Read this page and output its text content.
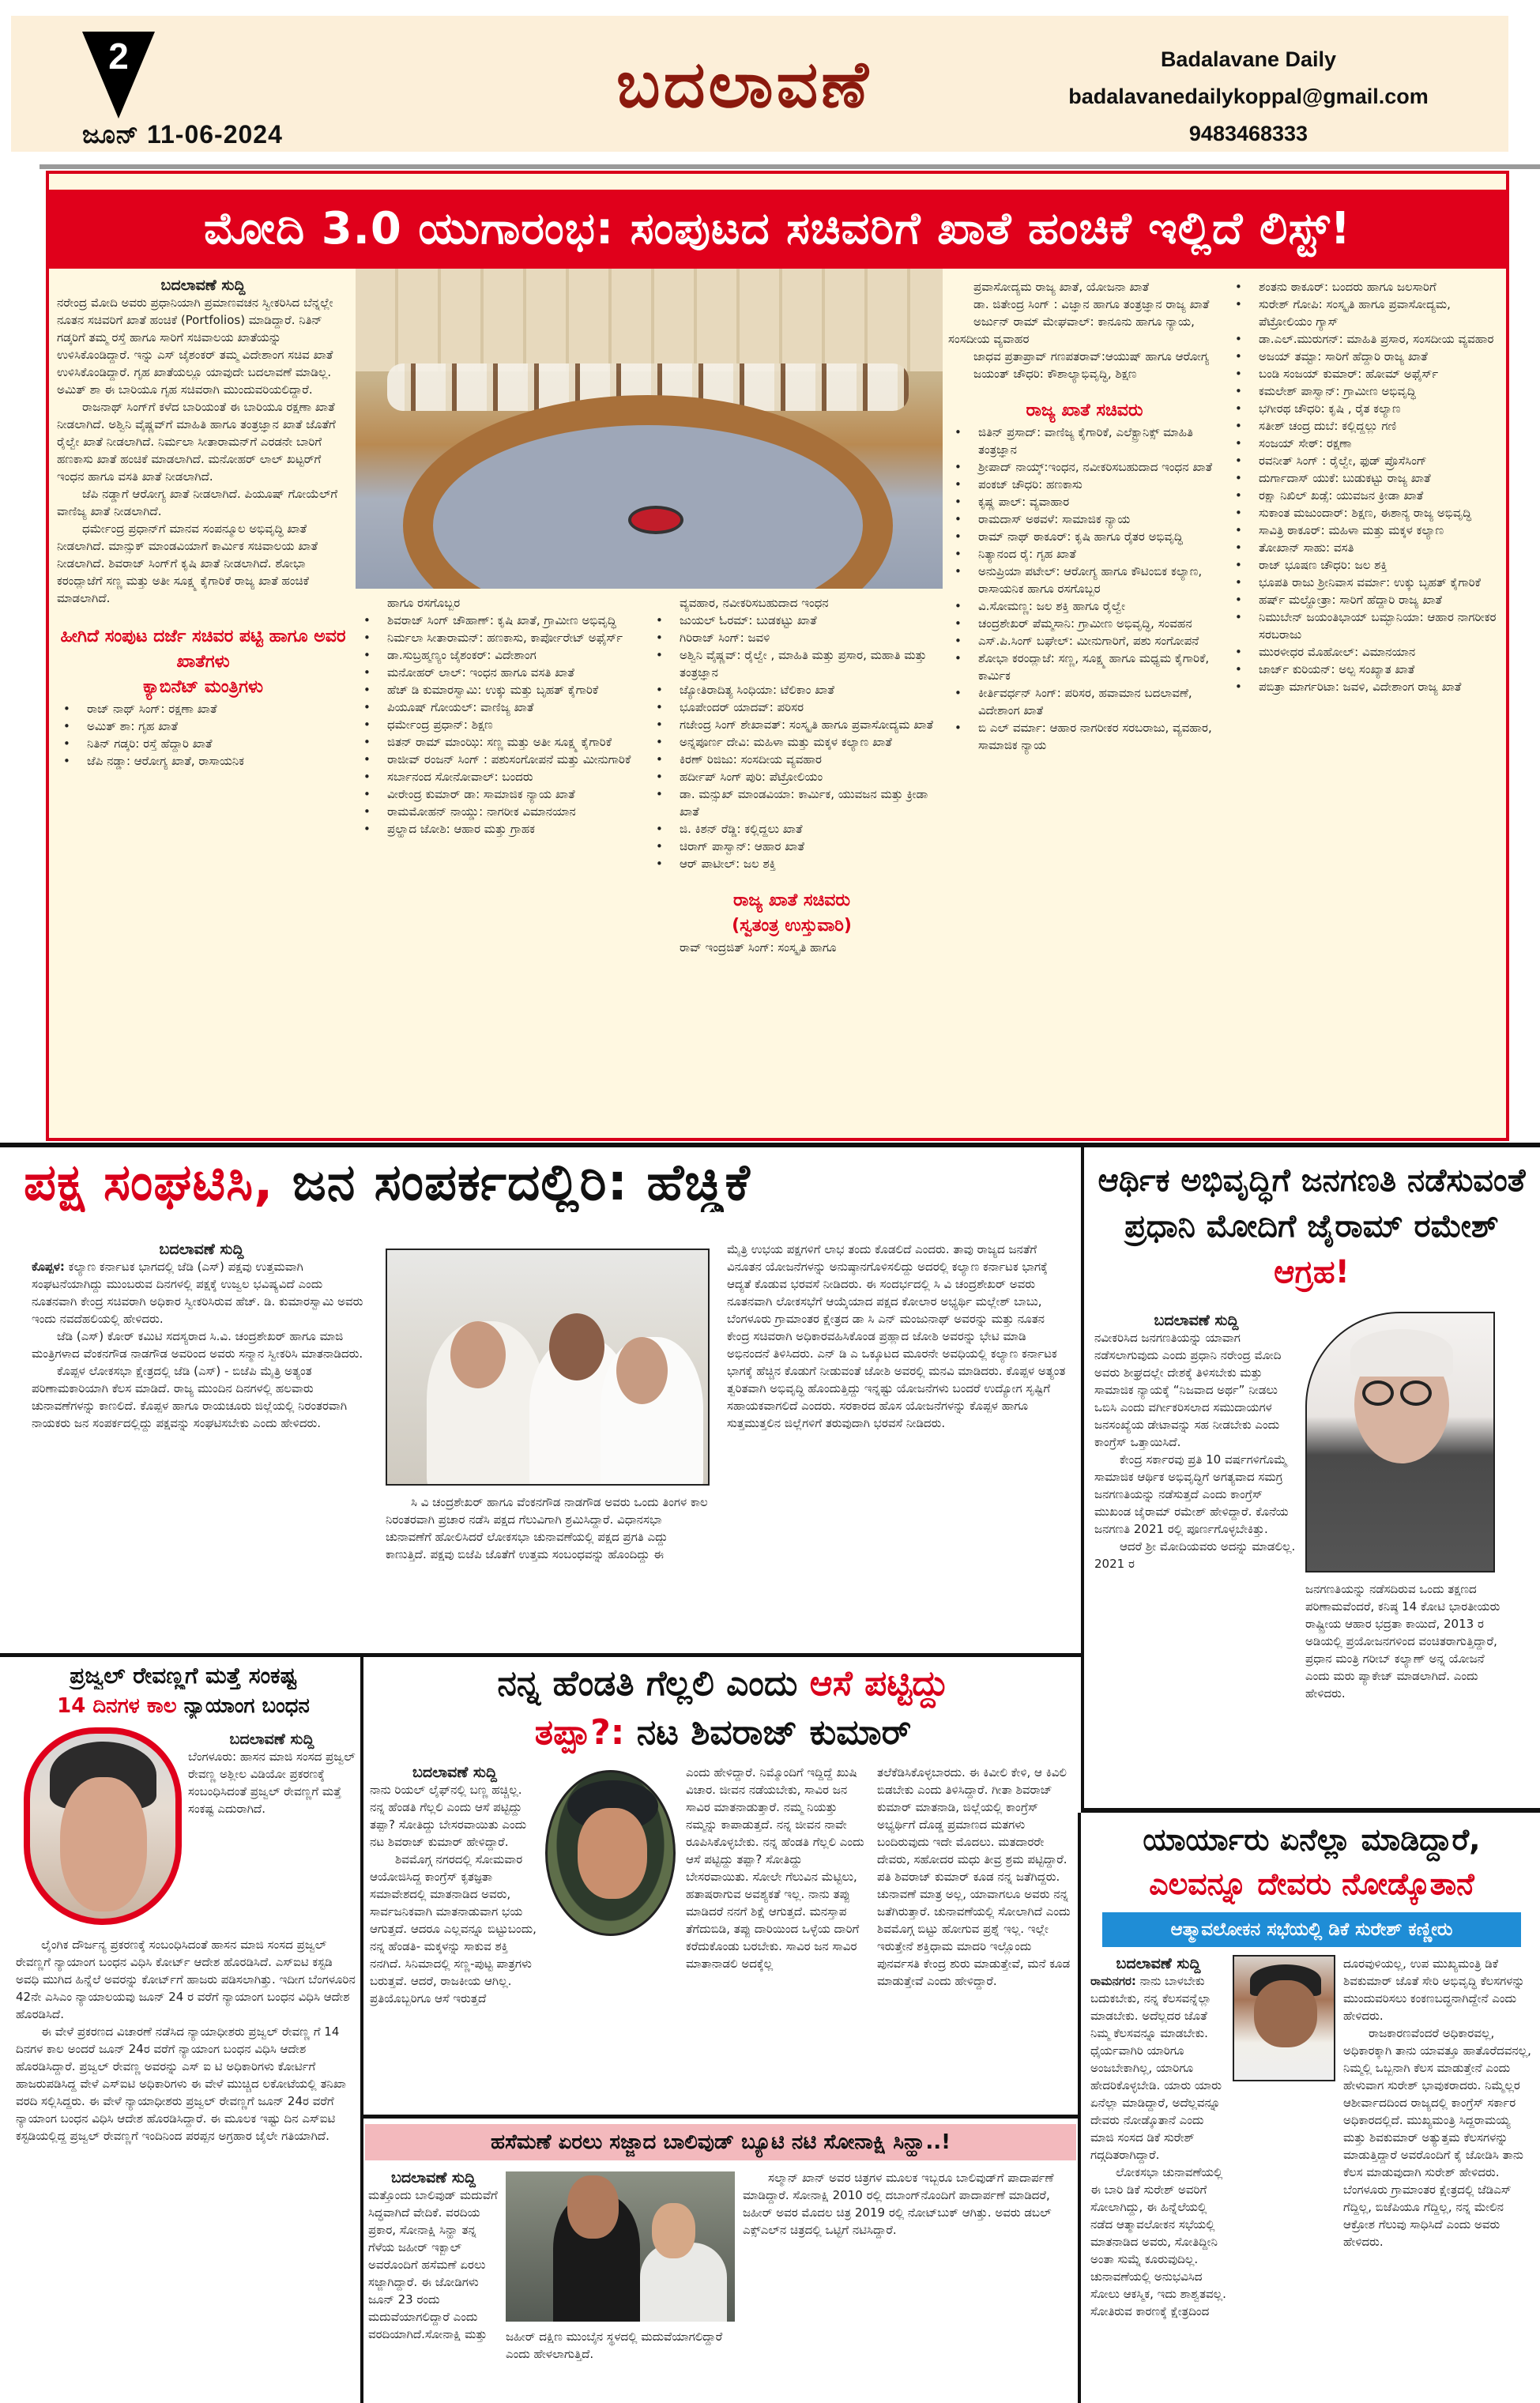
2
ಜೂನ್ 11-06-2024
ಬದಲಾವಣೆ	Badalavane Daily
badalavanedailykoppal@gmail.com
9483468333
ಮೋದಿ 3.0 ಯುಗಾರಂಭ: ಸಂಪುಟದ ಸಚಿವರಿಗೆ ಖಾತೆ ಹಂಚಿಕೆ ಇಲ್ಲಿದೆ ಲಿಸ್ಟ್!
ಬದಲಾವಣೆ ಸುದ್ದಿ

ನರೇಂದ್ರ ಮೋದಿ ಅವರು ಪ್ರಧಾನಿಯಾಗಿ ಪ್ರಮಾಣವಚನ ಸ್ವೀಕರಿಸಿದ ಬೆನ್ನಲ್ಲೇ ನೂತನ ಸಚಿವರಿಗೆ ಖಾತೆ ಹಂಚಿಕೆ (Portfolios) ಮಾಡಿದ್ದಾರೆ. ನಿತಿನ್ ಗಡ್ಕರಿಗೆ ತಮ್ಮ ರಸ್ತೆ ಹಾಗೂ ಸಾರಿಗೆ ಸಚಿವಾಲಯ ಖಾತೆಯನ್ನು ಉಳಿಸಿಕೊಂಡಿದ್ದಾರೆ. ಇನ್ನು ಎಸ್ ಜೈಶಂಕರ್ ತಮ್ಮ ವಿದೇಶಾಂಗ ಸಚಿವ ಖಾತೆ ಉಳಿಸಿಕೊಂಡಿದ್ದಾರೆ. ಗೃಹ ಖಾತೆಯಲ್ಲೂ ಯಾವುದೇ ಬದಲಾವಣೆ ಮಾಡಿಲ್ಲ. ಅಮಿತ್ ಶಾ ಈ ಬಾರಿಯೂ ಗೃಹ ಸಚಿವರಾಗಿ ಮುಂದುವರಿಯಲಿದ್ದಾರೆ.

ರಾಜನಾಥ್ ಸಿಂಗ್‌ಗೆ ಕಳೆದ ಬಾರಿಯಂತೆ ಈ ಬಾರಿಯೂ ರಕ್ಷಣಾ ಖಾತೆ ನೀಡಲಾಗಿದೆ. ಅಶ್ವಿನಿ ವೈಷ್ಣವ್‌ಗೆ ಮಾಹಿತಿ ಹಾಗೂ ತಂತ್ರಜ್ಞಾನ ಖಾತೆ ಜೊತೆಗೆ ರೈಲ್ವೇ ಖಾತೆ ನೀಡಲಾಗಿದೆ. ನಿರ್ಮಲಾ ಸೀತಾರಾಮನ್‌ಗೆ ಎರಡನೇ ಬಾರಿಗೆ ಹಣಕಾಸು ಖಾತೆ ಹಂಚಿಕೆ ಮಾಡಲಾಗಿದೆ. ಮನೋಹರ್ ಲಾಲ್ ಖಟ್ಟರ್‌ಗೆ ಇಂಧನ ಹಾಗೂ ವಸತಿ ಖಾತೆ ನೀಡಲಾಗಿದೆ.

ಜೆಪಿ ನಡ್ಡಾಗೆ ಆರೋಗ್ಯ ಖಾತೆ ನೀಡಲಾಗಿದೆ. ಪಿಯೂಷ್ ಗೋಯೆಲ್‌ಗೆ ವಾಣಿಜ್ಯ ಖಾತೆ ನೀಡಲಾಗಿದೆ.

ಧರ್ಮೇಂದ್ರ ಪ್ರಧಾನ್‌ಗೆ ಮಾನವ ಸಂಪನ್ಮೂಲ ಅಭಿವೃದ್ಧಿ ಖಾತೆ ನೀಡಲಾಗಿದೆ. ಮಾನ್ಸುಕ್ ಮಾಂಡವಿಯಾಗೆ ಕಾರ್ಮಿಕ ಸಚಿವಾಲಯ ಖಾತೆ ನೀಡಲಾಗಿದೆ. ಶಿವರಾಜ್ ಸಿಂಗ್‌ಗೆ ಕೃಷಿ ಖಾತೆ ನೀಡಲಾಗಿದೆ. ಶೋಭಾ ಕರಂದ್ಲಾಜೆಗೆ ಸಣ್ಣ ಮತ್ತು ಅತೀ ಸೂಕ್ಷ್ಮ ಕೈಗಾರಿಕೆ ರಾಜ್ಯ ಖಾತೆ ಹಂಚಿಕೆ ಮಾಡಲಾಗಿದೆ.

ಹೀಗಿದೆ ಸಂಪುಟ ದರ್ಜೆ ಸಚಿವರ ಪಟ್ಟಿ ಹಾಗೂ ಅವರ ಖಾತೆಗಳು
ಕ್ಯಾಬಿನೆಟ್ ಮಂತ್ರಿಗಳು
• ರಾಜ್ ನಾಥ್ ಸಿಂಗ್: ರಕ್ಷಣಾ ಖಾತೆ
• ಅಮಿತ್ ಶಾ: ಗೃಹ ಖಾತೆ
• ನಿತಿನ್ ಗಡ್ಕರಿ: ರಸ್ತೆ ಹೆದ್ದಾರಿ ಖಾತೆ
• ಜೆಪಿ ನಡ್ಡಾ: ಆರೋಗ್ಯ ಖಾತೆ, ರಾಸಾಯನಿಕ
ಹಾಗೂ ರಸಗೊಬ್ಬರ
• ಶಿವರಾಜ್ ಸಿಂಗ್ ಚೌಹಾಣ್: ಕೃಷಿ ಖಾತೆ, ಗ್ರಾಮೀಣ ಅಭಿವೃದ್ಧಿ
• ನಿರ್ಮಲಾ ಸೀತಾರಾಮನ್: ಹಣಕಾಸು, ಕಾರ್ಪೋರೇಟ್ ಅಫೈರ್ಸ್
• ಡಾ.ಸುಬ್ರಹ್ಮಣ್ಯಂ ಜೈಶಂಕರ್: ವಿದೇಶಾಂಗ
• ಮನೋಹರ್ ಲಾಲ್: ಇಂಧನ ಹಾಗೂ ವಸತಿ ಖಾತೆ
• ಹೆಚ್ ಡಿ ಕುಮಾರಸ್ವಾಮಿ: ಉಕ್ಕು ಮತ್ತು ಬೃಹತ್ ಕೈಗಾರಿಕೆ
• ಪಿಯೂಷ್ ಗೋಯಲ್: ವಾಣಿಜ್ಯ ಖಾತೆ
• ಧರ್ಮೇಂದ್ರ ಪ್ರಧಾನ್: ಶಿಕ್ಷಣ
• ಜಿತನ್ ರಾಮ್ ಮಾಂಝಿ: ಸಣ್ಣ ಮತ್ತು ಅತೀ ಸೂಕ್ಷ್ಮ ಕೈಗಾರಿಕೆ
• ರಾಜೀವ್ ರಂಜನ್ ಸಿಂಗ್ : ಪಶುಸಂಗೋಪನೆ ಮತ್ತು ಮೀನುಗಾರಿಕೆ
• ಸರ್ಬಾನಂದ ಸೋನೋವಾಲ್: ಬಂದರು
• ವೀರೇಂದ್ರ ಕುಮಾರ್ ಡಾ: ಸಾಮಾಜಿಕ ನ್ಯಾಯ ಖಾತೆ
• ರಾಮಮೋಹನ್ ನಾಯ್ಡು: ನಾಗರೀಕ ವಿಮಾನಯಾನ
• ಪ್ರಲ್ಹಾದ ಜೋಶಿ: ಆಹಾರ ಮತ್ತು ಗ್ರಾಹಕ
ವ್ಯವಹಾರ, ನವೀಕರಿಸಬಹುದಾದ ಇಂಧನ
• ಜುಯಲ್ ಓರಮ್: ಬುಡಕಟ್ಟು ಖಾತೆ
• ಗಿರಿರಾಜ್ ಸಿಂಗ್: ಜವಳಿ
• ಅಶ್ವಿನಿ ವೈಷ್ಣವ್: ರೈಲ್ವೇ , ಮಾಹಿತಿ ಮತ್ತು ಪ್ರಸಾರ, ಮಹಾತಿ ಮತ್ತು ತಂತ್ರಜ್ಞಾನ
• ಜ್ಯೋತಿರಾದಿತ್ಯ ಸಿಂಧಿಯಾ: ಟೆಲಿಕಾಂ ಖಾತೆ
• ಭೂಪೇಂದರ್ ಯಾದವ್: ಪರಿಸರ
• ಗಜೇಂದ್ರ ಸಿಂಗ್ ಶೇಖಾವತ್: ಸಂಸ್ಕೃತಿ ಹಾಗೂ ಪ್ರವಾಸೋದ್ಯಮ ಖಾತೆ
• ಅನ್ನಪೂರ್ಣ ದೇವಿ: ಮಹಿಳಾ ಮತ್ತು ಮಕ್ಕಳ ಕಲ್ಯಾಣ ಖಾತೆ
• ಕಿರಣ್ ರಿಜಿಜು: ಸಂಸದೀಯ ವ್ಯವಹಾರ
• ಹರ್ದೀಪ್ ಸಿಂಗ್ ಪುರಿ: ಪೆಟ್ರೋಲಿಯಂ
• ಡಾ. ಮನ್ಸುಖ್ ಮಾಂಡವಿಯಾ: ಕಾರ್ಮಿಕ, ಯುವಜನ ಮತ್ತು ಕ್ರೀಡಾ ಖಾತೆ
• ಜಿ. ಕಿಶನ್ ರೆಡ್ಡಿ: ಕಲ್ಲಿದ್ದಲು ಖಾತೆ
• ಚಿರಾಗ್ ಪಾಸ್ವಾನ್: ಆಹಾರ ಖಾತೆ
• ಆರ್ ಪಾಟೀಲ್: ಜಲ ಶಕ್ತಿ
ರಾಜ್ಯ ಖಾತೆ ಸಚಿವರು
(ಸ್ವತಂತ್ರ ಉಸ್ತುವಾರಿ)
ರಾವ್ ಇಂದ್ರಜಿತ್ ಸಿಂಗ್: ಸಂಸ್ಕೃತಿ ಹಾಗೂ
ಪ್ರವಾಸೋದ್ಯಮ ರಾಜ್ಯ ಖಾತೆ, ಯೋಜನಾ ಖಾತೆ
ಡಾ. ಜಿತೇಂದ್ರ ಸಿಂಗ್ : ವಿಜ್ಞಾನ ಹಾಗೂ ತಂತ್ರಜ್ಞಾನ ರಾಜ್ಯ ಖಾತೆ
ಅರ್ಜುನ್ ರಾಮ್ ಮೇಘವಾಲ್: ಕಾನೂನು ಹಾಗೂ ನ್ಯಾಯ, ಸಂಸದೀಯ ವ್ಯವಾಹರ
ಜಾಧವ ಪ್ರತಾಪ್ರಾವ್ ಗಣಪತರಾವ್:ಆಯುಷ್ ಹಾಗೂ ಆರೋಗ್ಯ
ಜಯಂತ್ ಚೌಧರಿ: ಕೌಶಾಲ್ಯಾಭಿವೃದ್ಧಿ, ಶಿಕ್ಷಣ
ರಾಜ್ಯ ಖಾತೆ ಸಚಿವರು
• ಜಿತಿನ್ ಪ್ರಸಾದ್: ವಾಣಿಜ್ಯ ಕೈಗಾರಿಕೆ, ಎಲೆಕ್ಟ್ರಾನಿಕ್ಸ್ ಮಾಹಿತಿ ತಂತ್ರಜ್ಞಾನ
• ಶ್ರೀಪಾದ್ ನಾಯ್ಕ್:ಇಂಧನ, ನವೀಕರಿಸಬಹುದಾದ ಇಂಧನ ಖಾತೆ
• ಪಂಕಜ್ ಚೌಧರಿ: ಹಣಕಾಸು
• ಕೃಷ್ಣ ಪಾಲ್: ವ್ಯವಾಹಾರ
• ರಾಮದಾಸ್ ಅಠವಳೆ: ಸಾಮಾಜಿಕ ನ್ಯಾಯ
• ರಾಮ್ ನಾಥ್ ಠಾಕೂರ್: ಕೃಷಿ ಹಾಗೂ ರೈತರ ಅಭಿವೃದ್ಧಿ
• ನಿತ್ಯಾನಂದ ರೈ: ಗೃಹ ಖಾತೆ
• ಅನುಪ್ರಿಯಾ ಪಟೇಲ್: ಆರೋಗ್ಯ ಹಾಗೂ ಕೌಟಿಂಬಿಕ ಕಲ್ಯಾಣ, ರಾಸಾಯನಿಕ ಹಾಗೂ ರಸಗೊಬ್ಬರ
• ವಿ.ಸೋಮಣ್ಣ: ಜಲ ಶಕ್ತಿ ಹಾಗೂ ರೈಲ್ವೇ
• ಚಂದ್ರಶೇಖರ್ ಪೆಮ್ಮಸಾನಿ: ಗ್ರಾಮೀಣ ಅಭಿವೃದ್ಧಿ, ಸಂವಹನ
• ಎಸ್.ಪಿ.ಸಿಂಗ್ ಬಘೇಲ್: ಮೀನುಗಾರಿಗೆ, ಪಶು ಸಂಗೋಪನೆ
• ಶೋಭಾ ಕರಂದ್ಲಾಜೆ: ಸಣ್ಣ, ಸೂಕ್ಷ್ಮ ಹಾಗೂ ಮಧ್ಯಮ ಕೈಗಾರಿಕೆ, ಕಾರ್ಮಿಕ
• ಕೀರ್ತಿವರ್ಧನ್ ಸಿಂಗ್: ಪರಿಸರ, ಹವಾಮಾನ ಬದಲಾವಣೆ, ವಿದೇಶಾಂಗ ಖಾತೆ
• ಬಿ ಎಲ್ ವರ್ಮಾ: ಆಹಾರ ನಾಗರೀಕರ ಸರಬರಾಜು, ವ್ಯವಹಾರ, ಸಾಮಾಜಿಕ ನ್ಯಾಯ
• ಶಂತನು ಠಾಕೂರ್: ಬಂದರು ಹಾಗೂ ಜಲಸಾರಿಗೆ
• ಸುರೇಶ್ ಗೋಪಿ: ಸಂಸ್ಕೃತಿ ಹಾಗೂ ಪ್ರವಾಸೋದ್ಯಮ, ಪೆಟ್ರೋಲಿಯಂ ಗ್ಯಾಸ್
• ಡಾ.ಎಲ್.ಮುರುಗನ್: ಮಾಹಿತಿ ಪ್ರಸಾರ, ಸಂಸದೀಯ ವ್ಯವಹಾರ
• ಅಜಯ್ ತಮ್ಟಾ: ಸಾರಿಗೆ ಹೆದ್ದಾರಿ ರಾಜ್ಯ ಖಾತೆ
• ಬಂಡಿ ಸಂಜಯ್ ಕುಮಾರ್: ಹೋಮ್ ಅಫೈರ್ಸ್
• ಕಮಲೇಶ್ ಪಾಸ್ವಾನ್: ಗ್ರಾಮೀಣ ಅಭಿವೃದ್ಧಿ
• ಭಗೀರಥ ಚೌಧರಿ: ಕೃಷಿ , ರೈತ ಕಲ್ಯಾಣ
• ಸತೀಶ್ ಚಂದ್ರ ದುಬೆ: ಕಲ್ಲಿದ್ದಲ್ಲು ಗಣಿ
• ಸಂಜಯ್ ಸೇಠ್: ರಕ್ಷಣಾ
• ರವನೀತ್ ಸಿಂಗ್ : ರೈಲ್ವೇ, ಫುಡ್ ಪ್ರೊಸೆಸಿಂಗ್
• ದುರ್ಗಾದಾಸ್ ಯುಕೆ: ಬುಡುಕಟ್ಟು ರಾಜ್ಯ ಖಾತೆ
• ರಕ್ಷಾ ನಿಖಿಲ್ ಖಡ್ಸೆ: ಯುವಜನ ಕ್ರೀಡಾ ಖಾತೆ
• ಸುಕಾಂತ ಮಜುಂದಾರ್: ಶಿಕ್ಷಣ, ಈಶಾನ್ಯ ರಾಜ್ಯ ಅಭಿವೃದ್ಧಿ
• ಸಾವಿತ್ರಿ ಠಾಕೂರ್: ಮಹಿಳಾ ಮತ್ತು ಮಕ್ಕಳ ಕಲ್ಯಾಣ
• ತೋಖಾನ್ ಸಾಹು: ವಸತಿ
• ರಾಜ್ ಭೂಷಣ ಚೌಧರಿ: ಜಲ ಶಕ್ತಿ
• ಭೂಪತಿ ರಾಜು ಶ್ರೀನಿವಾಸ ವರ್ಮಾ: ಉಕ್ಕು ಬೃಹತ್ ಕೈಗಾರಿಕೆ
• ಹರ್ಷ್ ಮಲ್ಹೋತ್ರಾ: ಸಾರಿಗೆ ಹೆದ್ದಾರಿ ರಾಜ್ಯ ಖಾತೆ
• ನಿಮುಬೇನ್ ಜಯಂತಿಭಾಯ್ ಬಮ್ಭಾನಿಯಾ: ಆಹಾರ ನಾಗರೀಕರ ಸರಬರಾಜು
• ಮುರಳೀಧರ ಮೊಹೋಲ್: ವಿಮಾನಯಾನ
• ಜಾರ್ಜ್ ಕುರಿಯನ್: ಅಲ್ಪ ಸಂಖ್ಯಾತ ಖಾತೆ
• ಪಬಿತ್ರಾ ಮಾರ್ಗರಿಟಾ: ಜವಳಿ, ವಿದೇಶಾಂಗ ರಾಜ್ಯ ಖಾತೆ
ಪಕ್ಷ ಸಂಘಟಿಸಿ, ಜನ ಸಂಪರ್ಕದಲ್ಲಿರಿ: ಹೆಚ್ಡಿಕೆ
ಬದಲಾವಣೆ ಸುದ್ದಿ

ಕೊಪ್ಪಳ: ಕಲ್ಯಾಣ ಕರ್ನಾಟಕ ಭಾಗದಲ್ಲಿ ಜೆಡಿ (ಎಸ್) ಪಕ್ಷವು ಉತ್ತಮವಾಗಿ ಸಂಘಟನೆಯಾಗಿದ್ದು ಮುಂಬರುವ ದಿನಗಳಲ್ಲಿ ಪಕ್ಷಕ್ಕೆ ಉಜ್ವಲ ಭವಿಷ್ಯವಿದೆ ಎಂದು ನೂತನವಾಗಿ ಕೇಂದ್ರ ಸಚಿವರಾಗಿ ಅಧಿಕಾರ ಸ್ವೀಕರಿಸಿರುವ ಹೆಚ್. ಡಿ. ಕುಮಾರಸ್ವಾಮಿ ಅವರು ಇಂದು ನವದೆಹಲಿಯಲ್ಲಿ ಹೇಳಿದರು.

ಜೆಡಿ (ಎಸ್) ಕೋರ್ ಕಮಿಟಿ ಸದಸ್ಯರಾದ ಸಿ.ವಿ. ಚಂದ್ರಶೇಖರ್ ಹಾಗೂ ಮಾಜಿ ಮಂತ್ರಿಗಳಾದ ವೆಂಕನಗೌಡ ನಾಡಗೌಡ ಅವರಿಂದ ಅವರು ಸನ್ಮಾನ ಸ್ವೀಕರಿಸಿ ಮಾತನಾಡಿದರು.

ಕೊಪ್ಪಳ ಲೋಕಸಭಾ ಕ್ಷೇತ್ರದಲ್ಲಿ ಜೆಡಿ (ಎಸ್) - ಬಿಜೆಪಿ ಮೈತ್ರಿ ಅತ್ಯಂತ ಪರಿಣಾಮಕಾರಿಯಾಗಿ ಕೆಲಸ ಮಾಡಿದೆ. ರಾಜ್ಯ ಮುಂದಿನ ದಿನಗಳಲ್ಲಿ ಹಲವಾರು ಚುನಾವಣೆಗಳನ್ನು ಕಾಣಲಿದೆ. ಕೊಪ್ಪಳ ಹಾಗೂ ರಾಯಚೂರು ಜಿಲ್ಲೆಯಲ್ಲಿ ನಿರಂತರವಾಗಿ ನಾಯಕರು ಜನ ಸಂಪರ್ಕದಲ್ಲಿದ್ದು ಪಕ್ಷವನ್ನು ಸಂಘಟಿಸಬೇಕು ಎಂದು ಹೇಳಿದರು.

ಸಿ ವಿ ಚಂದ್ರಶೇಖರ್ ಹಾಗೂ ವೆಂಕನಗೌಡ ನಾಡಗೌಡ ಅವರು ಒಂದು ತಿಂಗಳ ಕಾಲ ನಿರಂತರವಾಗಿ ಪ್ರಚಾರ ನಡೆಸಿ ಪಕ್ಷದ ಗೆಲುವಿಗಾಗಿ ಶ್ರಮಿಸಿದ್ದಾರೆ. ವಿಧಾನಸಭಾ ಚುನಾವಣೆಗೆ ಹೋಲಿಸಿದರೆ ಲೋಕಸಭಾ ಚುನಾವಣೆಯಲ್ಲಿ ಪಕ್ಷದ ಪ್ರಗತಿ ಎದ್ದು ಕಾಣುತ್ತಿದೆ. ಪಕ್ಷವು ಬಿಜೆಪಿ ಜೊತೆಗೆ ಉತ್ತಮ ಸಂಬಂಧವನ್ನು ಹೊಂದಿದ್ದು ಈ

ಮೈತ್ರಿ ಉಭಯ ಪಕ್ಷಗಳಿಗೆ ಲಾಭ ತಂದು ಕೊಡಲಿದೆ ಎಂದರು. ತಾವು ರಾಜ್ಯದ ಜನತೆಗೆ ವಿನೂತನ ಯೋಜನೆಗಳನ್ನು ಅನುಷ್ಠಾನಗೊಳಿಸಲಿದ್ದು ಅದರಲ್ಲಿ ಕಲ್ಯಾಣ ಕರ್ನಾಟಕ ಭಾಗಕ್ಕೆ ಆದ್ಯತೆ ಕೊಡುವ ಭರವಸೆ ನೀಡಿದರು. ಈ ಸಂದರ್ಭದಲ್ಲಿ ಸಿ ವಿ ಚಂದ್ರಶೇಖರ್ ಅವರು ನೂತನವಾಗಿ ಲೋಕಸಭೆಗೆ ಆಯ್ಕೆಯಾದ ಪಕ್ಷದ ಕೋಲಾರ ಅಭ್ಯರ್ಥಿ ಮಲ್ಲೇಶ್ ಬಾಬು, ಬೆಂಗಳೂರು ಗ್ರಾಮಾಂತರ ಕ್ಷೇತ್ರದ ಡಾ ಸಿ ಎನ್ ಮಂಜುನಾಥ್ ಅವರನ್ನು ಮತ್ತು ನೂತನ ಕೇಂದ್ರ ಸಚಿವರಾಗಿ ಅಧಿಕಾರವಹಿಸಿಕೊಂಡ ಪ್ರಹ್ಲಾದ ಜೋಶಿ ಅವರನ್ನು ಭೇಟಿ ಮಾಡಿ ಅಭಿನಂದನೆ ತಿಳಿಸಿದರು. ಎನ್ ಡಿ ಎ ಒಕ್ಕೂಟದ ಮೂರನೇ ಅವಧಿಯಲ್ಲಿ ಕಲ್ಯಾಣ ಕರ್ನಾಟಕ ಭಾಗಕ್ಕೆ ಹೆಚ್ಚಿನ ಕೊಡುಗೆ ನೀಡುವಂತೆ ಜೋಶಿ ಅವರಲ್ಲಿ ಮನವಿ ಮಾಡಿದರು. ಕೊಪ್ಪಳ ಅತ್ಯಂತ ತ್ವರಿತವಾಗಿ ಅಭಿವೃದ್ಧಿ ಹೊಂದುತ್ತಿದ್ದು ಇನ್ನಷ್ಟು ಯೋಜನೆಗಳು ಬಂದರೆ ಉದ್ಯೋಗ ಸೃಷ್ಟಿಗೆ ಸಹಾಯಕವಾಗಲಿದೆ ಎಂದರು. ಸರಕಾರದ ಹೊಸ ಯೋಜನೆಗಳನ್ನು ಕೊಪ್ಪಳ ಹಾಗೂ ಸುತ್ತಮುತ್ತಲಿನ ಜಿಲ್ಲೆಗಳಿಗೆ ತರುವುದಾಗಿ ಭರವಸೆ ನೀಡಿದರು.

ಆರ್ಥಿಕ ಅಭಿವೃದ್ಧಿಗೆ ಜನಗಣತಿ ನಡೆಸುವಂತೆ ಪ್ರಧಾನಿ ಮೋದಿಗೆ ಜೈರಾಮ್ ರಮೇಶ್ ಆಗ್ರಹ!
ಬದಲಾವಣೆ ಸುದ್ದಿ

ನವೀಕರಿಸಿದ ಜನಗಣತಿಯನ್ನು ಯಾವಾಗ ನಡೆಸಲಾಗುವುದು ಎಂದು ಪ್ರಧಾನಿ ನರೇಂದ್ರ ಮೋದಿ ಅವರು ಶೀಘ್ರದಲ್ಲೇ ದೇಶಕ್ಕೆ ತಿಳಿಸಬೇಕು ಮತ್ತು ಸಾಮಾಜಿಕ ನ್ಯಾಯಕ್ಕೆ “ನಿಜವಾದ ಅರ್ಥ” ನೀಡಲು ಒಬಿಸಿ ಎಂದು ವರ್ಗೀಕರಿಸಲಾದ ಸಮುದಾಯಗಳ ಜನಸಂಖ್ಯೆಯ ಡೇಟಾವನ್ನು ಸಹ ನೀಡಬೇಕು ಎಂದು ಕಾಂಗ್ರೆಸ್ ಒತ್ತಾಯಿಸಿದೆ.

ಕೇಂದ್ರ ಸರ್ಕಾರವು ಪ್ರತಿ 10 ವರ್ಷಗಳಿಗೊಮ್ಮೆ ಸಾಮಾಜಿಕ ಆರ್ಥಿಕ ಅಭಿವೃದ್ಧಿಗೆ ಅಗತ್ಯವಾದ ಸಮಗ್ರ ಜನಗಣತಿಯನ್ನು ನಡೆಸುತ್ತದೆ ಎಂದು ಕಾಂಗ್ರೆಸ್ ಮುಖಂಡ ಜೈರಾಮ್ ರಮೇಶ್ ಹೇಳಿದ್ದಾರೆ. ಕೊನೆಯ ಜನಗಣತಿ 2021 ರಲ್ಲಿ ಪೂರ್ಣಗೊಳ್ಳಬೇಕಿತ್ತು.

ಆದರೆ ಶ್ರೀ ಮೋದಿಯವರು ಅದನ್ನು ಮಾಡಲಿಲ್ಲ. 2021 ರ

ಜನಗಣತಿಯನ್ನು ನಡೆಸದಿರುವ ಒಂದು ತಕ್ಷಣದ ಪರಿಣಾಮವೆಂದರೆ, ಕನಿಷ್ಠ 14 ಕೋಟಿ ಭಾರತೀಯರು ರಾಷ್ಟ್ರೀಯ ಆಹಾರ ಭದ್ರತಾ ಕಾಯಿದೆ, 2013 ರ ಅಡಿಯಲ್ಲಿ ಪ್ರಯೋಜನಗಳಿಂದ ವಂಚಿತರಾಗುತ್ತಿದ್ದಾರೆ, ಪ್ರಧಾನ ಮಂತ್ರಿ ಗರೀಬ್ ಕಲ್ಯಾಣ್ ಅನ್ನ ಯೋಜನೆ ಎಂದು ಮರು ಪ್ಯಾಕೇಜ್ ಮಾಡಲಾಗಿದೆ. ಎಂದು ಹೇಳಿದರು.

ಪ್ರಜ್ವಲ್ ರೇವಣ್ಣಗೆ ಮತ್ತೆ ಸಂಕಷ್ಟ
14 ದಿನಗಳ ಕಾಲ ನ್ಯಾಯಾಂಗ ಬಂಧನ
ಬದಲಾವಣೆ ಸುದ್ದಿ

ಬೆಂಗಳೂರು: ಹಾಸನ ಮಾಜಿ ಸಂಸದ ಪ್ರಜ್ವಲ್ ರೇವಣ್ಣ ಅಶ್ಲೀಲ ವಿಡಿಯೋ ಪ್ರಕರಣಕ್ಕೆ ಸಂಬಂಧಿಸಿದಂತೆ ಪ್ರಜ್ವಲ್ ರೇವಣ್ಣಗೆ ಮತ್ತೆ ಸಂಕಷ್ಟ ಎದುರಾಗಿದೆ.

ಲೈಂಗಿಕ ದೌರ್ಜನ್ಯ ಪ್ರಕರಣಕ್ಕೆ ಸಂಬಂಧಿಸಿದಂತೆ ಹಾಸನ ಮಾಜಿ ಸಂಸದ ಪ್ರಜ್ವಲ್ ರೇವಣ್ಣಗೆ ನ್ಯಾಯಾಂಗ ಬಂಧನ ವಿಧಿಸಿ ಕೋರ್ಟ್ ಆದೇಶ ಹೊರಡಿಸಿದೆ. ಎಸ್‌ಐಟಿ ಕಸ್ಟಡಿ ಅವಧಿ ಮುಗಿದ ಹಿನ್ನೆಲೆ ಅವರನ್ನು ಕೋರ್ಟ್‌ಗೆ ಹಾಜರು ಪಡಿಸಲಾಗಿತ್ತು. ಇದೀಗ ಬೆಂಗಳೂರಿನ 42ನೇ ಎಸಿಎಂ ನ್ಯಾಯಾಲಯವು ಜೂನ್ 24 ರ ವರೆಗೆ ನ್ಯಾಯಾಂಗ ಬಂಧನ ವಿಧಿಸಿ ಆದೇಶ ಹೊರಡಿಸಿದೆ.

ಈ ವೇಳೆ ಪ್ರಕರಣದ ವಿಚಾರಣೆ ನಡೆಸಿದ ನ್ಯಾಯಾಧೀಶರು ಪ್ರಜ್ವಲ್ ರೇವಣ್ಣ ಗೆ 14 ದಿನಗಳ ಕಾಲ ಅಂದರೆ ಜೂನ್ 24ರ ವರೆಗೆ ನ್ಯಾಯಾಂಗ ಬಂಧನ ವಿಧಿಸಿ ಆದೇಶ ಹೊರಡಿಸಿದ್ದಾರೆ. ಪ್ರಜ್ವಲ್ ರೇವಣ್ಣ ಅವರನ್ನು ಎಸ್ ಐ ಟಿ ಅಧಿಕಾರಿಗಳು ಕೋರ್ಟಿಗೆ ಹಾಜರುಪಡಿಸಿದ್ದ ವೇಳೆ ಎಸ್‌ಐಟಿ ಅಧಿಕಾರಿಗಳು ಈ ವೇಳೆ ಮುಚ್ಚಿದ ಲಕೋಟೆಯಲ್ಲಿ ತನಿಖಾ ವರದಿ ಸಲ್ಲಿಸಿದ್ದರು. ಈ ವೇಳೆ ನ್ಯಾಯಾಧೀಶರು ಪ್ರಜ್ವಲ್ ರೇವಣ್ಣಗೆ ಜೂನ್ 24ರ ವರೆಗೆ ನ್ಯಾಯಾಂಗ ಬಂಧನ ವಿಧಿಸಿ ಆದೇಶ ಹೊರಡಿಸಿದ್ದಾರೆ. ಈ ಮೂಲಕ ಇಷ್ಟು ದಿನ ಎಸ್‌ಐಟಿ ಕಸ್ಟಡಿಯಲ್ಲಿದ್ದ ಪ್ರಜ್ವಲ್ ರೇವಣ್ಣಗೆ ಇಂದಿನಿಂದ ಪರಪ್ಪನ ಅಗ್ರಹಾರ ಜೈಲೇ ಗತಿಯಾಗಿದೆ.

ನನ್ನ ಹೆಂಡತಿ ಗೆಲ್ಲಲಿ ಎಂದು ಆಸೆ ಪಟ್ಟಿದ್ದು
ತಪ್ಪಾ?: ನಟ ಶಿವರಾಜ್ ಕುಮಾರ್
ಬದಲಾವಣೆ ಸುದ್ದಿ

ನಾನು ರಿಯಲ್ ಲೈಫ್‌ನಲ್ಲಿ ಬಣ್ಣ ಹಚ್ಚಿಲ್ಲ. ನನ್ನ ಹೆಂಡತಿ ಗೆಲ್ಲಲಿ ಎಂದು ಆಸೆ ಪಟ್ಟಿದ್ದು ತಪ್ಪಾ? ಸೋತಿದ್ದು ಬೇಸರವಾಯಿತು ಎಂದು ನಟ ಶಿವರಾಜ್ ಕುಮಾರ್ ಹೇಳಿದ್ದಾರೆ.

ಶಿವಮೊಗ್ಗ ನಗರದಲ್ಲಿ ಸೋಮವಾರ ಆಯೋಜಿಸಿದ್ದ ಕಾಂಗ್ರೆಸ್ ಕೃತಜ್ಞತಾ ಸಮಾವೇಶದಲ್ಲಿ ಮಾತನಾಡಿದ ಅವರು, ಸಾರ್ವಜನಿಕವಾಗಿ ಮಾತನಾಡುವಾಗ ಭಯ ಆಗುತ್ತದೆ. ಆದರೂ ಎಲ್ಲವನ್ನೂ ಬಿಟ್ಟುಬಂದು, ನನ್ನ ಹೆಂಡತಿ- ಮಕ್ಕಳನ್ನು ಸಾಕುವ ಶಕ್ತಿ ನನಗಿದೆ. ಸಿನಿಮಾದಲ್ಲಿ ಸಣ್ಣ-ಪುಟ್ಟ ಪಾತ್ರಗಳು ಬರುತ್ತವೆ. ಆದರೆ, ರಾಜಕೀಯ ಆಗಿಲ್ಲ. ಪ್ರತಿಯೊಬ್ಬರಿಗೂ ಆಸೆ ಇರುತ್ತದೆ

ಎಂದು ಹೇಳಿದ್ದಾರೆ. ನಿಮ್ಮೊಂದಿಗೆ ಇದ್ದಿದ್ದೆ ಖುಷಿ ವಿಚಾರ. ಜೀವನ ನಡೆಯಬೇಕು, ಸಾವಿರ ಜನ ಸಾವಿರ ಮಾತನಾಡುತ್ತಾರೆ. ನಮ್ಮ ನಿಯತ್ತು ನಮ್ಮನ್ನು ಕಾಪಾಡುತ್ತದೆ. ನನ್ನ ಜೀವನ ನಾವೇ ರೂಪಿಸಿಕೊಳ್ಳಬೇಕು. ನನ್ನ ಹೆಂಡತಿ ಗೆಲ್ಲಲಿ ಎಂದು ಆಸೆ ಪಟ್ಟಿದ್ದು ತಪ್ಪಾ? ಸೋತಿದ್ದು ಬೇಸರವಾಯಿತು. ಸೋಲೇ ಗೆಲುವಿನ ಮೆಟ್ಟಿಲು, ಹತಾಷರಾಗುವ ಅವಶ್ಯಕತೆ ಇಲ್ಲ. ನಾನು ತಪ್ಪು ಮಾಡಿದರೆ ನನಗೆ ಶಿಕ್ಷೆ ಆಗುತ್ತದೆ. ಮನಸ್ತಾಪ ತೆಗೆದುಬಿಡಿ, ತಪ್ಪು ದಾರಿಯಿಂದ ಒಳ್ಳೆಯ ದಾರಿಗೆ ಕರೆದುಕೊಂಡು ಬರಬೇಕು. ಸಾವಿರ ಜನ ಸಾವಿರ ಮಾತಾನಾಡಲಿ ಅದಕ್ಕೆಲ್ಲ

ತಲೆಕೆಡಿಸಿಕೊಳ್ಳಬಾರದು. ಈ ಕಿವೀಲಿ ಕೇಳಿ, ಆ ಕಿವಿಲಿ ಬಿಡಬೇಕು ಎಂದು ತಿಳಿಸಿದ್ದಾರೆ. ಗೀತಾ ಶಿವರಾಜ್ ಕುಮಾರ್ ಮಾತನಾಡಿ, ಜಿಲ್ಲೆಯಲ್ಲಿ ಕಾಂಗ್ರೆಸ್ ಅಭ್ಯರ್ಥಿಗೆ ದೊಡ್ಡ ಪ್ರಮಾಣದ ಮತಗಳು ಬಂದಿರುವುದು ಇದೇ ಮೊದಲು. ಮತದಾರರೇ ದೇವರು, ಸಹೋದರ ಮಧು ತೀವ್ರ ಶ್ರಮ ಪಟ್ಟಿದ್ದಾರೆ. ಪತಿ ಶಿವರಾಜ್ ಕುಮಾರ್ ಕೂಡ ನನ್ನ ಜತೆಗಿದ್ದರು. ಚುನಾವಣೆ ಮಾತ್ರ ಅಲ್ಲ, ಯಾವಾಗಲೂ ಅವರು ನನ್ನ ಜತೆಗಿರುತ್ತಾರೆ. ಚುನಾವಣೆಯಲ್ಲಿ ಸೋಲಾಗಿದೆ ಎಂದು ಶಿವಮೊಗ್ಗ ಬಿಟ್ಟು ಹೋಗುವ ಪ್ರಶ್ನೆ ಇಲ್ಲ. ಇಲ್ಲೇ ಇರುತ್ತೇನೆ ಶಕ್ತಿಧಾಮ ಮಾದರಿ ಇಲ್ಲೊಂದು ಪುನರ್ವಸತಿ ಕೇಂದ್ರ ಶುರು ಮಾಡುತ್ತೇವೆ, ಮನೆ ಕೂಡ ಮಾಡುತ್ತೇವೆ ಎಂದು ಹೇಳಿದ್ದಾರೆ.

ಹಸೆಮಣೆ ಏರಲು ಸಜ್ಜಾದ ಬಾಲಿವುಡ್ ಬ್ಯೂಟಿ ನಟಿ ಸೋನಾಕ್ಷಿ ಸಿನ್ಹಾ..!
ಬದಲಾವಣೆ ಸುದ್ದಿ

ಮತ್ತೊಂದು ಬಾಲಿವುಡ್ ಮದುವೆಗೆ ಸಿದ್ಧವಾಗಿದೆ ವೇದಿಕೆ. ವರದಿಯ ಪ್ರಕಾರ, ಸೋನಾಕ್ಷಿ ಸಿನ್ಹಾ ತನ್ನ ಗೆಳೆಯ ಜಹೀರ್ ಇಕ್ಬಾಲ್ ಅವರೊಂದಿಗೆ ಹಸೆಮಣೆ ಏರಲು ಸಜ್ಜಾಗಿದ್ದಾರೆ. ಈ ಜೋಡಿಗಳು ಜೂನ್ 23 ರಂದು ಮದುವೆಯಾಗಲಿದ್ದಾರೆ ಎಂದು ವರದಿಯಾಗಿದೆ.ಸೋನಾಕ್ಷಿ ಮತ್ತು	ಜಹೀರ್ ದಕ್ಷಿಣ ಮುಂಬೈನ ಸ್ಥಳದಲ್ಲಿ ಮದುವೆಯಾಗಲಿದ್ದಾರೆ ಎಂದು ಹೇಳಲಾಗುತ್ತಿದೆ.

ಸಲ್ಮಾನ್ ಖಾನ್ ಅವರ ಚಿತ್ರಗಳ ಮೂಲಕ ಇಬ್ಬರೂ ಬಾಲಿವುಡ್‌ಗೆ ಪಾದಾರ್ಪಣೆ ಮಾಡಿದ್ದಾರೆ. ಸೋನಾಕ್ಷಿ 2010 ರಲ್ಲಿ ದಬಾಂಗ್‌ನೊಂದಿಗೆ ಪಾದಾರ್ಪಣೆ ಮಾಡಿದರೆ, ಜಹೀರ್ ಅವರ ಮೊದಲ ಚಿತ್ರ 2019 ರಲ್ಲಿ ನೋಟ್‌ಬುಕ್ ಆಗಿತ್ತು. ಅವರು ಡಬಲ್ ಎಕ್ಸ್‌ಎಲ್‌ನ ಚಿತ್ರದಲ್ಲಿ ಒಟ್ಟಿಗೆ ನಟಿಸಿದ್ದಾರೆ.

ಯಾರ್ಯಾರು ಏನೆಲ್ಲಾ ಮಾಡಿದ್ದಾರೆ,
ಎಲವನ್ನೂ ದೇವರು ನೋಡ್ಕೊತಾನೆ
ಆತ್ಮಾವಲೋಕನ ಸಭೆಯಲ್ಲಿ ಡಿಕೆ ಸುರೇಶ್ ಕಣ್ಣೀರು
ಬದಲಾವಣೆ ಸುದ್ದಿ

ರಾಮನಗರ: ನಾನು ಬಾಳಬೇಕು ಬದುಕಬೇಕು, ನನ್ನ ಕೆಲಸವನ್ನೆಲ್ಲಾ ಮಾಡಬೇಕು. ಅದೆಲ್ಲದರ ಜೊತೆ ನಿಮ್ಮ ಕೆಲಸವನ್ನೂ ಮಾಡಬೇಕು. ಧೈರ್ಯವಾಗಿರಿ ಯಾರಿಗೂ ಅಂಜಬೇಕಾಗಿಲ್ಲ, ಯಾರಿಗೂ ಹೇದರಿಕೊಳ್ಳಬೇಡಿ. ಯಾರು ಯಾರು ಏನೆಲ್ಲಾ ಮಾಡಿದ್ದಾರೆ, ಅದೆಲ್ಲವನ್ನೂ ದೇವರು ನೋಡ್ಕೊತಾನೆ ಎಂದು ಮಾಜಿ ಸಂಸದ ಡಿಕೆ ಸುರೇಶ್ ಗದ್ಗದಿತರಾಗಿದ್ದಾರೆ.

ಲೋಕಸಭಾ ಚುನಾವಣೆಯಲ್ಲಿ ಈ ಬಾರಿ ಡಿಕೆ ಸುರೇಶ್ ಅವರಿಗೆ ಸೋಲಾಗಿದ್ದು, ಈ ಹಿನ್ನೆಲೆಯಲ್ಲಿ ನಡೆದ ಆತ್ಮಾವಲೋಕನ ಸಭೆಯಲ್ಲಿ ಮಾತನಾಡಿದ ಅವರು, ಸೋತಿದ್ದೀನಿ ಅಂತಾ ಸುಮ್ನೆ ಕೂರುವುದಿಲ್ಲ. ಚುನಾವಣೆಯಲ್ಲಿ ಅನುಭವಿಸಿದ ಸೋಲು ಆಕಸ್ಮಿಕ, ಇದು ಶಾಶ್ವತವಲ್ಲ. ಸೋತಿರುವ ಕಾರಣಕ್ಕೆ ಕ್ಷೇತ್ರದಿಂದ

ದೂರವುಳಿಯಲ್ಲ, ಉಪ ಮುಖ್ಯಮಂತ್ರಿ ಡಿಕೆ ಶಿವಕುಮಾರ್ ಜೊತೆ ಸೇರಿ ಅಭಿವೃದ್ಧಿ ಕೆಲಸಗಳನ್ನು ಮುಂದುವರಿಸಲು ಕಂಕಣಬದ್ಧನಾಗಿದ್ದೇನೆ ಎಂದು ಹೇಳಿದರು.

ರಾಜಕಾರಣವೆಂದರೆ ಅಧಿಕಾರವಲ್ಲ, ಅಧಿಕಾರಕ್ಕಾಗಿ ತಾನು ಯಾವತ್ತೂ ಹಾತೊರೆದವನಲ್ಲ, ನಿಮ್ಮಲ್ಲಿ ಒಬ್ಬನಾಗಿ ಕೆಲಸ ಮಾಡುತ್ತೇನೆ ಎಂದು ಹೇಳುವಾಗ ಸುರೇಶ್ ಭಾವುಕರಾದರು. ನಿಮ್ಮೆಲ್ಲರ ಆಶೀರ್ವಾದದಿಂದ ರಾಜ್ಯದಲ್ಲಿ ಕಾಂಗ್ರೆಸ್ ಸರ್ಕಾರ ಅಧಿಕಾರದಲ್ಲಿದೆ. ಮುಖ್ಯಮಂತ್ರಿ ಸಿದ್ದರಾಮಯ್ಯ ಮತ್ತು ಶಿವಕುಮಾರ್ ಅತ್ಯುತ್ತಮ ಕೆಲಸಗಳನ್ನು ಮಾಡುತ್ತಿದ್ದಾರೆ ಅವರೊಂದಿಗೆ ಕೈ ಜೋಡಿಸಿ ತಾನು ಕೆಲಸ ಮಾಡುವುದಾಗಿ ಸುರೇಶ್ ಹೇಳಿದರು. ಬೆಂಗಳೂರು ಗ್ರಾಮಾಂತರ ಕ್ಷೇತ್ರದಲ್ಲಿ ಜೆಡಿಎಸ್ ಗೆದ್ದಿಲ್ಲ, ಬಿಜೆಪಿಯೂ ಗೆದ್ದಿಲ್ಲ, ನನ್ನ ಮೇಲಿನ ಆಕ್ರೋಶ ಗೆಲುವು ಸಾಧಿಸಿದೆ ಎಂದು ಅವರು ಹೇಳಿದರು.
